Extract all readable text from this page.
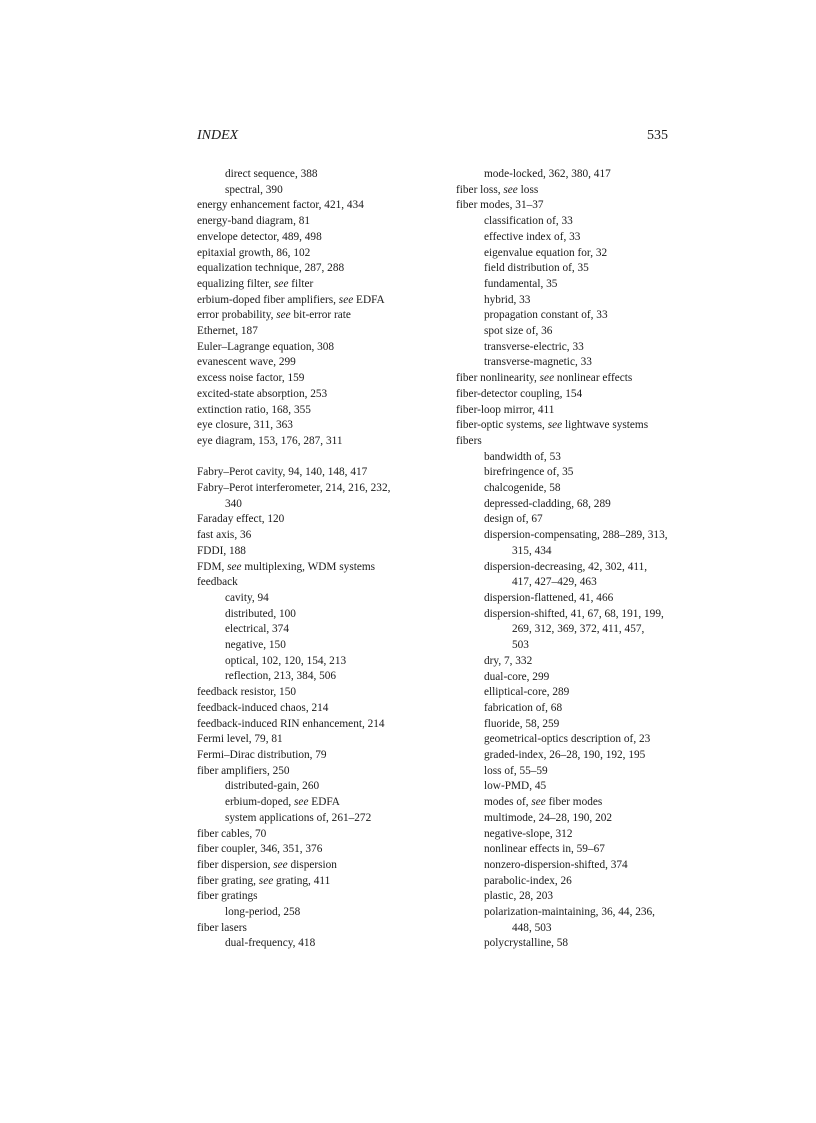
INDEX	535
direct sequence, 388
spectral, 390
energy enhancement factor, 421, 434
energy-band diagram, 81
envelope detector, 489, 498
epitaxial growth, 86, 102
equalization technique, 287, 288
equalizing filter, see filter
erbium-doped fiber amplifiers, see EDFA
error probability, see bit-error rate
Ethernet, 187
Euler–Lagrange equation, 308
evanescent wave, 299
excess noise factor, 159
excited-state absorption, 253
extinction ratio, 168, 355
eye closure, 311, 363
eye diagram, 153, 176, 287, 311
Fabry–Perot cavity, 94, 140, 148, 417
Fabry–Perot interferometer, 214, 216, 232,
340
Faraday effect, 120
fast axis, 36
FDDI, 188
FDM, see multiplexing, WDM systems
feedback
cavity, 94
distributed, 100
electrical, 374
negative, 150
optical, 102, 120, 154, 213
reflection, 213, 384, 506
feedback resistor, 150
feedback-induced chaos, 214
feedback-induced RIN enhancement, 214
Fermi level, 79, 81
Fermi–Dirac distribution, 79
fiber amplifiers, 250
distributed-gain, 260
erbium-doped, see EDFA
system applications of, 261–272
fiber cables, 70
fiber coupler, 346, 351, 376
fiber dispersion, see dispersion
fiber grating, see grating, 411
fiber gratings
long-period, 258
fiber lasers
dual-frequency, 418
mode-locked, 362, 380, 417
fiber loss, see loss
fiber modes, 31–37
classification of, 33
effective index of, 33
eigenvalue equation for, 32
field distribution of, 35
fundamental, 35
hybrid, 33
propagation constant of, 33
spot size of, 36
transverse-electric, 33
transverse-magnetic, 33
fiber nonlinearity, see nonlinear effects
fiber-detector coupling, 154
fiber-loop mirror, 411
fiber-optic systems, see lightwave systems
fibers
bandwidth of, 53
birefringence of, 35
chalcogenide, 58
depressed-cladding, 68, 289
design of, 67
dispersion-compensating, 288–289, 313,
315, 434
dispersion-decreasing, 42, 302, 411,
417, 427–429, 463
dispersion-flattened, 41, 466
dispersion-shifted, 41, 67, 68, 191, 199,
269, 312, 369, 372, 411, 457,
503
dry, 7, 332
dual-core, 299
elliptical-core, 289
fabrication of, 68
fluoride, 58, 259
geometrical-optics description of, 23
graded-index, 26–28, 190, 192, 195
loss of, 55–59
low-PMD, 45
modes of, see fiber modes
multimode, 24–28, 190, 202
negative-slope, 312
nonlinear effects in, 59–67
nonzero-dispersion-shifted, 374
parabolic-index, 26
plastic, 28, 203
polarization-maintaining, 36, 44, 236,
448, 503
polycrystalline, 58
